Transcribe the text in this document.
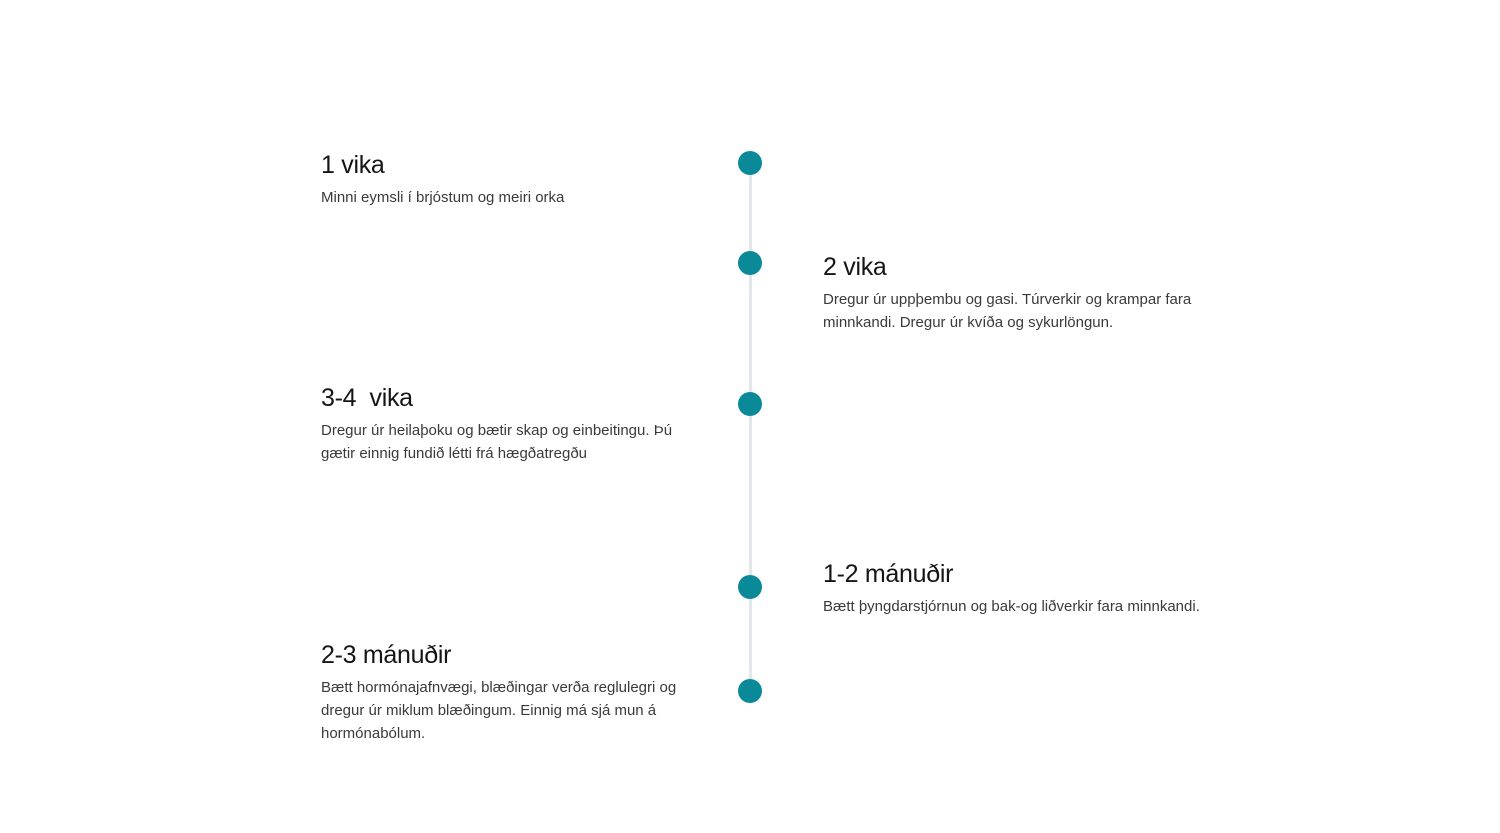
1 vika

Minni eymsli í brjóstum og meiri orka

2 vika

Dregur úr uppþembu og gasi. Túrverkir og krampar fara minnkandi. Dregur úr kvíða og sykurlöngun.

3-4  vika

Dregur úr heilaþoku og bætir skap og einbeitingu. Þú gætir einnig fundið létti frá hægðatregðu

1-2 mánuðir

Bætt þyngdarstjórnun og bak-og liðverkir fara minnkandi.

2-3 mánuðir

Bætt hormónajafnvægi, blæðingar verða reglulegri og dregur úr miklum blæðingum. Einnig má sjá mun á hormónabólum.
